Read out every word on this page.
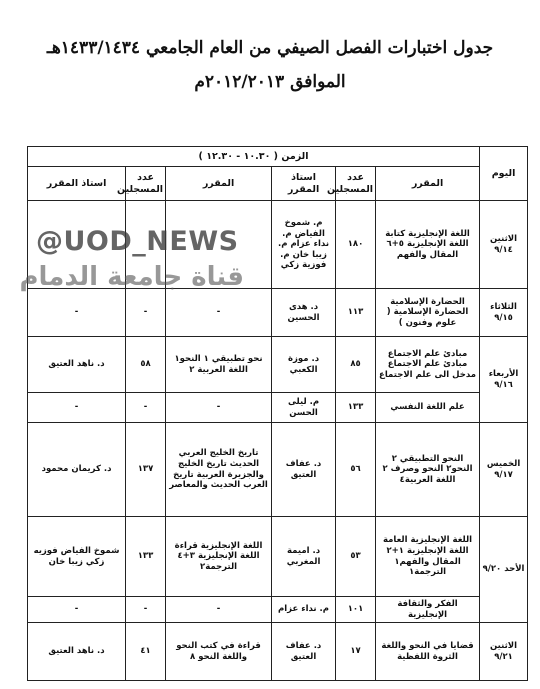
جدول اختبارات الفصل الصيفي من العام الجامعي ١٤٣٣/١٤٣٤هـ
الموافق ٢٠١٢/٢٠١٣م
اليوم	الزمن ( ١٠.٣٠ - ١٢.٣٠ )					
	المقرر	عدد المسجلين	استاذ المقرر	المقرر	عدد المسجلين	استاذ المقرر
الاثنين ٩/١٤	اللغة الإنجليزية كتابة اللغة الإنجليزية ٥+٦ المقال والفهم	١٨٠	م. شموخ الفياض م. نداء عزام م. زيبا خان م. فوزية زكي			
الثلاثاء ٩/١٥	الحضارة الإسلامية الحضارة الإسلامية ( علوم وفنون )	١١٣	د. هدى الحسين	-	-	-
الأربعاء ٩/١٦	مبادئ علم الاجتماع مبادئ علم الاجتماع مدخل الى علم الاجتماع	٨٥	د. موزة الكعبي	نحو تطبيقي ١ النحو١ اللغة العربية ٢	٥٨	د. ناهد العتيق
	علم اللغة النفسي	١٣٣	م. ليلى الحسن	-	-	-
الخميس ٩/١٧	النحو التطبيقي ٢ النحو٢ النحو وصرف ٢ اللغة العربية٤	٥٦	د. عفاف العتيق	تاريخ الخليج العربي الحديث تاريخ الخليج والجزيرة العربية تاريخ العرب الحديث والمعاصر	١٣٧	د. كريمان محمود
الأحد ٩/٢٠	اللغة الإنجليزية العامة اللغة الإنجليزية ١+٢ المقال والفهم١ الترجمة١	٥٣	د. اميمة المغربي	اللغة الإنجليزية قراءة اللغة الإنجليزية ٣+٤ الترجمة٢	١٣٣	شموخ الفياض فوزيه زكي زيبا خان
	الفكر والثقافة الإنجليزية	١٠١	م. نداء عزام	-	-	-
الاثنين ٩/٢١	قضايا في النحو واللغة الثروة اللفظية	١٧	د. عفاف العتيق	قراءة في كتب النحو واللغة النحو ٨	٤١	د. ناهد العتيق
@UOD_NEWS
قناة جامعة الدمام
